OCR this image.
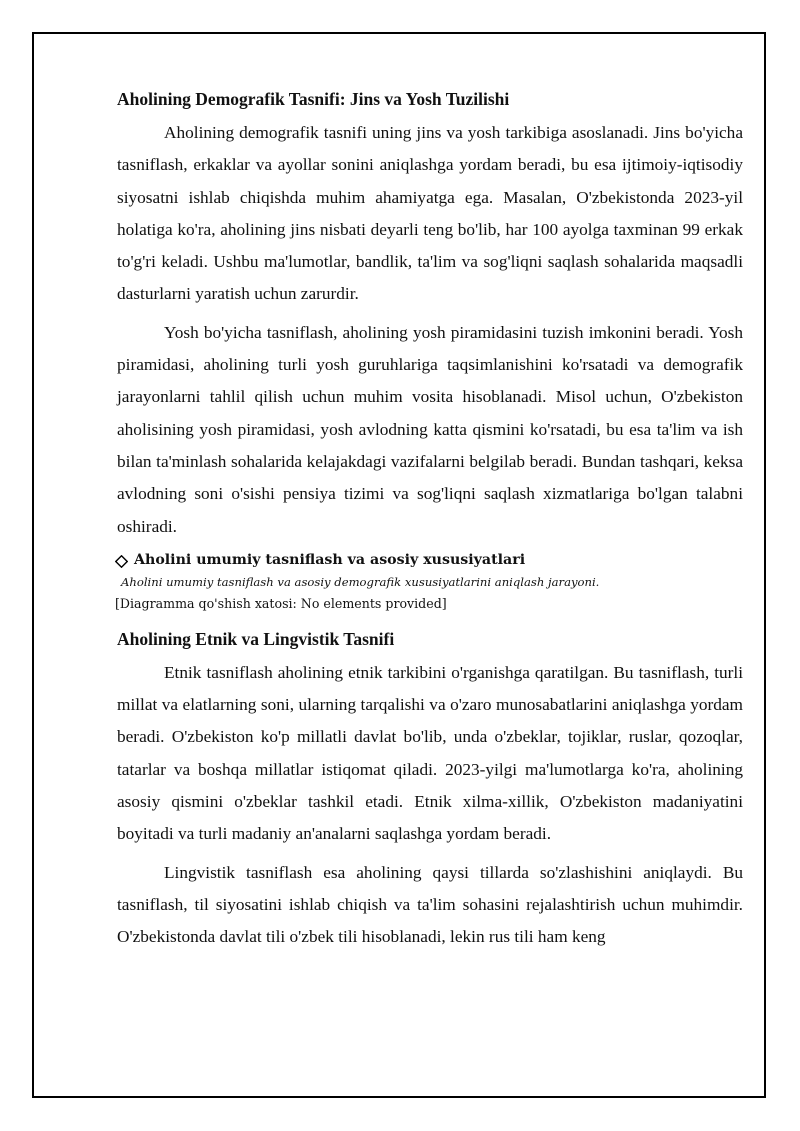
Aholining Demografik Tasnifi: Jins va Yosh Tuzilishi

Aholining demografik tasnifi uning jins va yosh tarkibiga asoslanadi. Jins bo'yicha tasniflash, erkaklar va ayollar sonini aniqlashga yordam beradi, bu esa ijtimoiy-iqtisodiy siyosatni ishlab chiqishda muhim ahamiyatga ega. Masalan, O'zbekistonda 2023-yil holatiga ko'ra, aholining jins nisbati deyarli teng bo'lib, har 100 ayolga taxminan 99 erkak to'g'ri keladi. Ushbu ma'lumotlar, bandlik, ta'lim va sog'liqni saqlash sohalarida maqsadli dasturlarni yaratish uchun zarurdir.

Yosh bo'yicha tasniflash, aholining yosh piramidasini tuzish imkonini beradi. Yosh piramidasi, aholining turli yosh guruhlariga taqsimlanishini ko'rsatadi va demografik jarayonlarni tahlil qilish uchun muhim vosita hisoblanadi. Misol uchun, O'zbekiston aholisining yosh piramidasi, yosh avlodning katta qismini ko'rsatadi, bu esa ta'lim va ish bilan ta'minlash sohalarida kelajakdagi vazifalarni belgilab beradi. Bundan tashqari, keksa avlodning soni o'sishi pensiya tizimi va sog'liqni saqlash xizmatlariga bo'lgan talabni oshiradi.

Aholini umumiy tasniflash va asosiy xususiyatlari
Aholini umumiy tasniflash va asosiy demografik xususiyatlarini aniqlash jarayoni.
[Diagramma qo'shish xatosi: No elements provided]
Aholining Etnik va Lingvistik Tasnifi

Etnik tasniflash aholining etnik tarkibini o'rganishga qaratilgan. Bu tasniflash, turli millat va elatlarning soni, ularning tarqalishi va o'zaro munosabatlarini aniqlashga yordam beradi. O'zbekiston ko'p millatli davlat bo'lib, unda o'zbeklar, tojiklar, ruslar, qozoqlar, tatarlar va boshqa millatlar istiqomat qiladi. 2023-yilgi ma'lumotlarga ko'ra, aholining asosiy qismini o'zbeklar tashkil etadi. Etnik xilma-xillik, O'zbekiston madaniyatini boyitadi va turli madaniy an'analarni saqlashga yordam beradi.

Lingvistik tasniflash esa aholining qaysi tillarda so'zlashishini aniqlaydi. Bu tasniflash, til siyosatini ishlab chiqish va ta'lim sohasini rejalashtirish uchun muhimdir. O'zbekistonda davlat tili o'zbek tili hisoblanadi, lekin rus tili ham keng
